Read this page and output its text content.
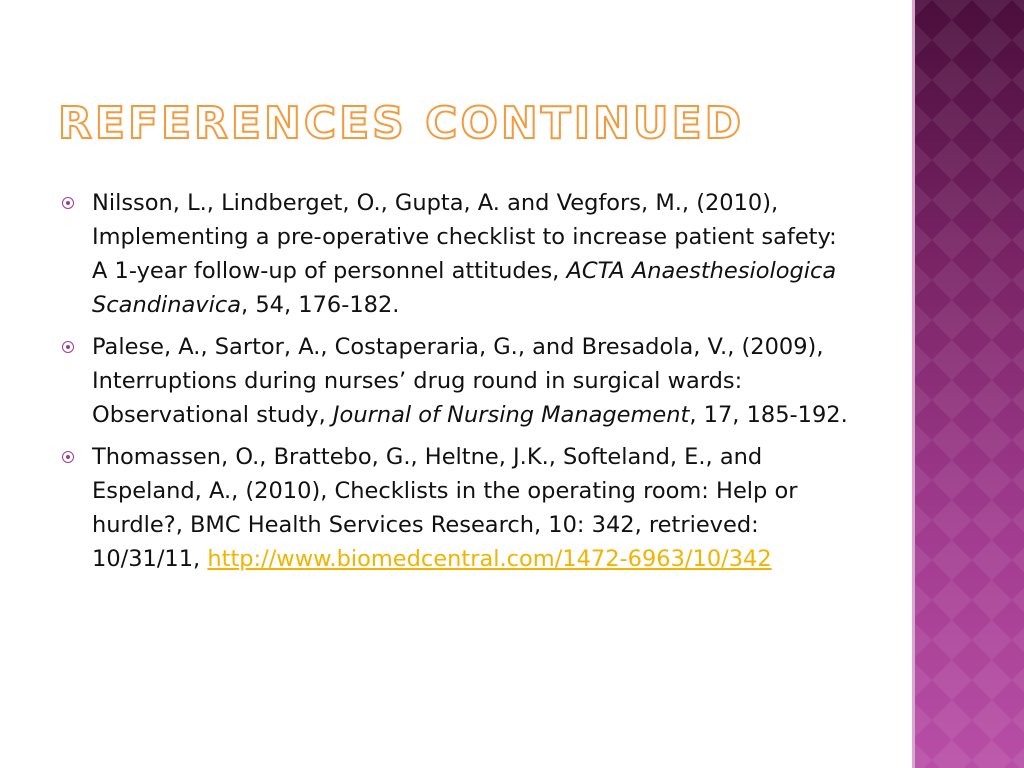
REFERENCES CONTINUED
Nilsson, L., Lindberget, O., Gupta, A. and Vegfors, M., (2010), Implementing a pre-operative checklist to increase patient safety: A 1-year follow-up of personnel attitudes, ACTA Anaesthesiologica Scandinavica, 54, 176-182.
Palese, A., Sartor, A., Costaperaria, G., and Bresadola, V., (2009), Interruptions during nurses’ drug round in surgical wards: Observational study, Journal of Nursing Management, 17, 185-192.
Thomassen, O., Brattebo, G., Heltne, J.K., Softeland, E., and Espeland, A., (2010), Checklists in the operating room: Help or hurdle?, BMC Health Services Research, 10: 342, retrieved: 10/31/11, http://www.biomedcentral.com/1472-6963/10/342
